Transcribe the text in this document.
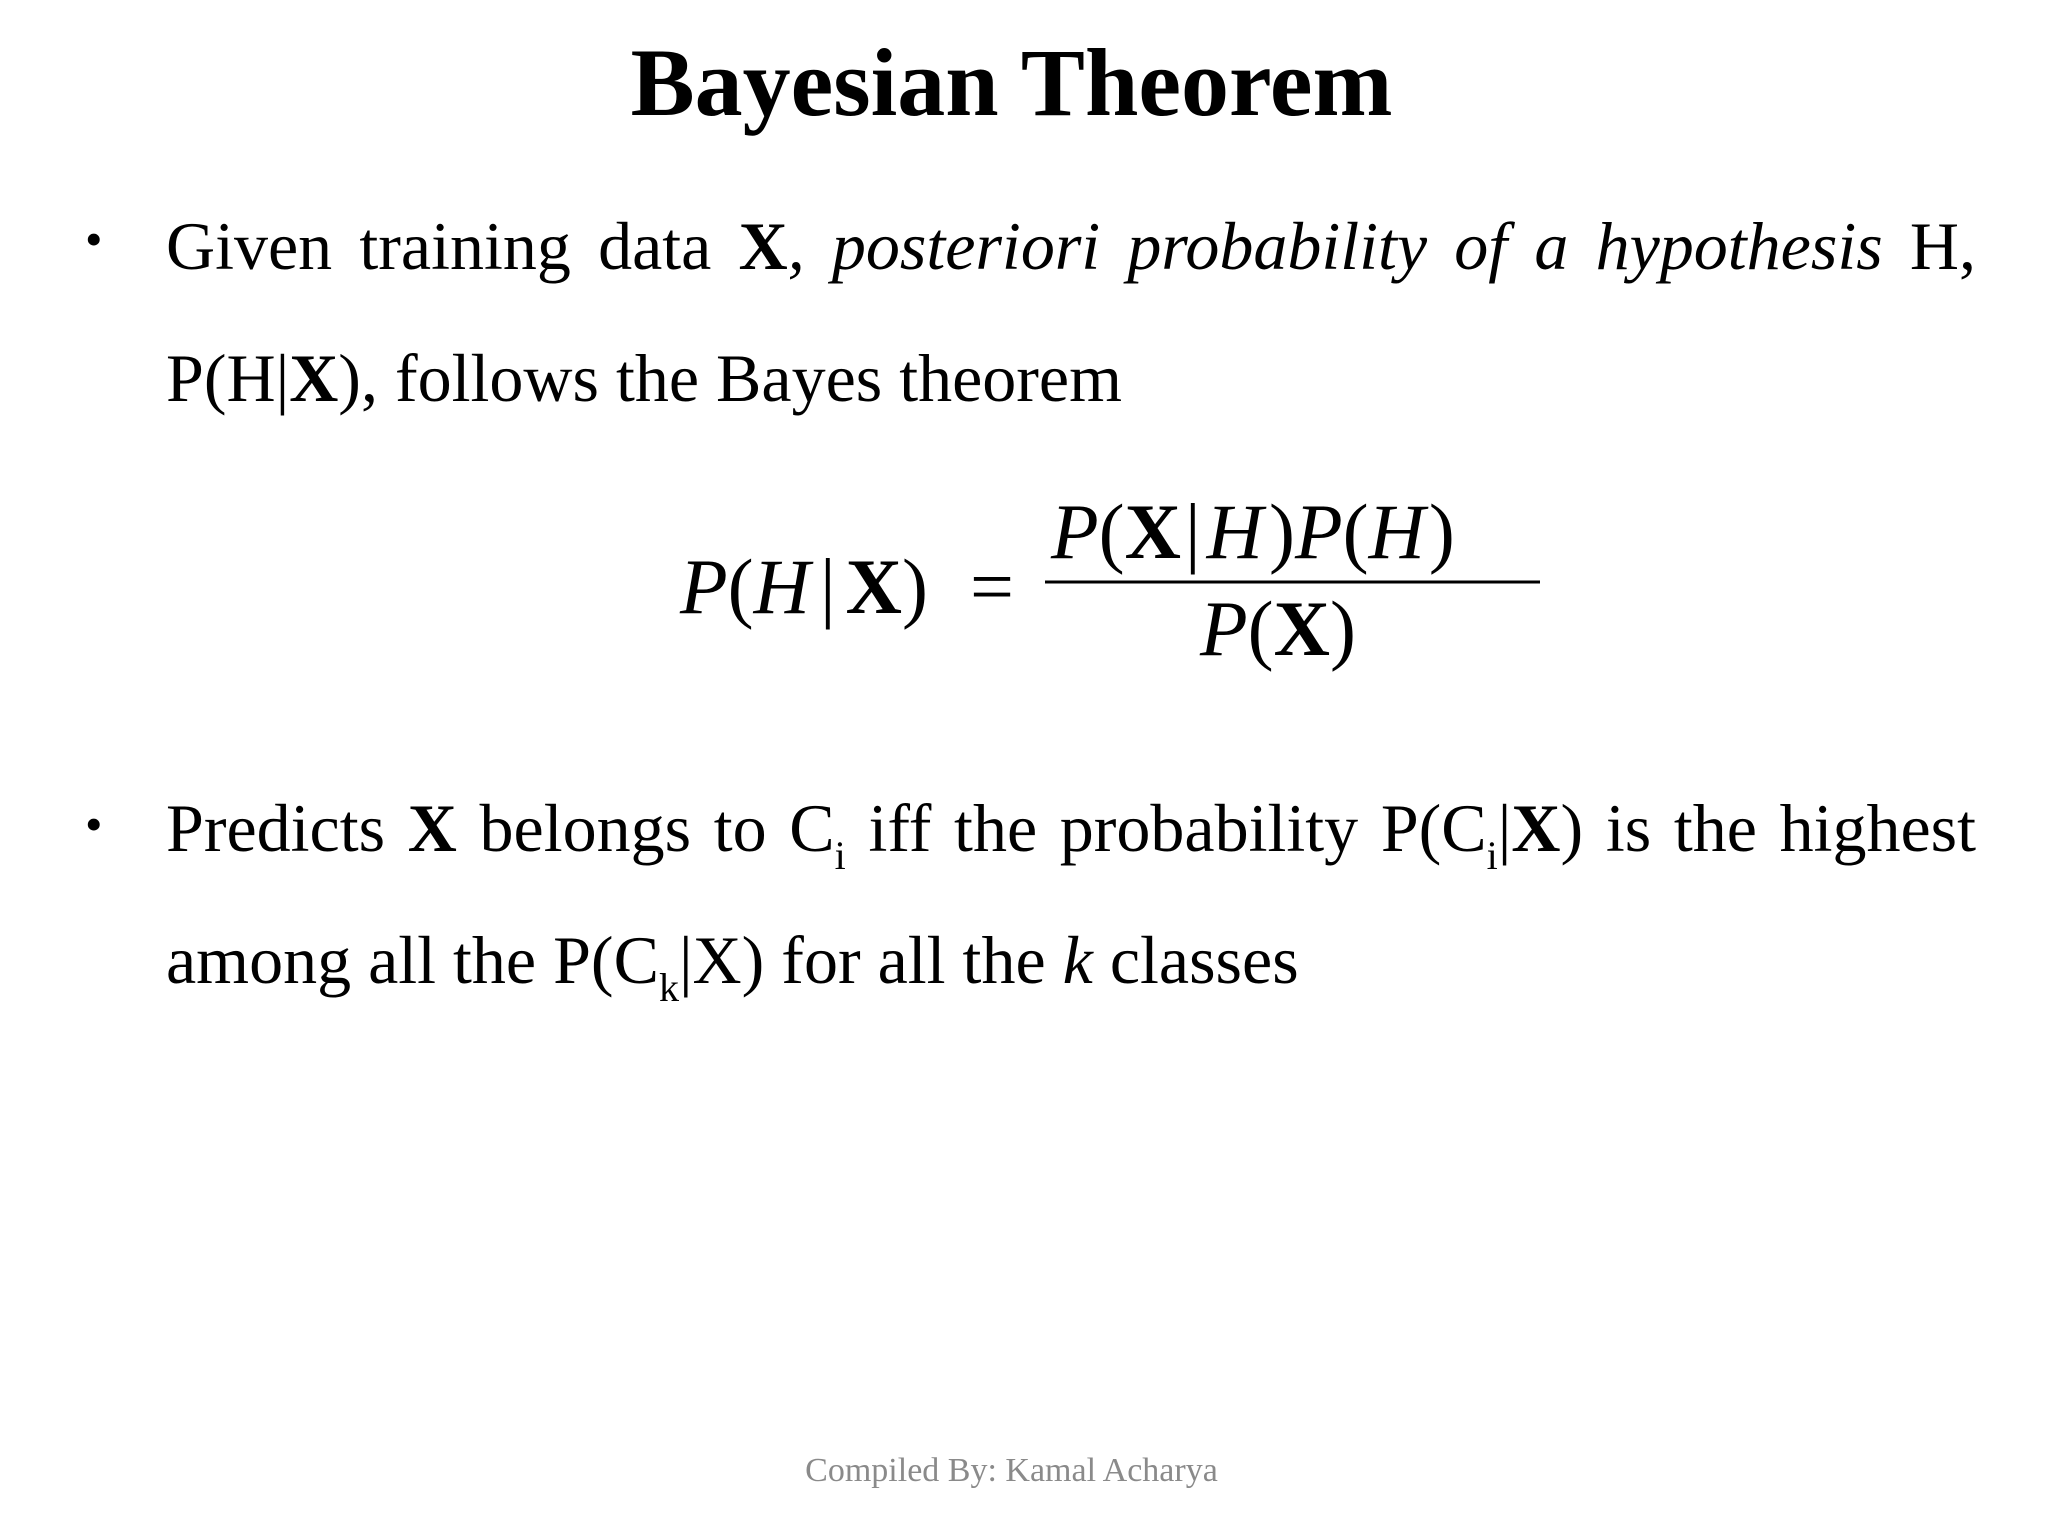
Bayesian Theorem
• Given training data X, posteriori probability of a hypothesis H,

P(H|X), follows the Bayes theorem

P(H | X) =
P(X|H)P(H)
P(X)
• Predicts X belongs to $C_i$ iff the probability $P(C_i|X)$ is the highest

among all the $P(C_k|X)$ for all the k classes

Compiled By: Kamal Acharya
